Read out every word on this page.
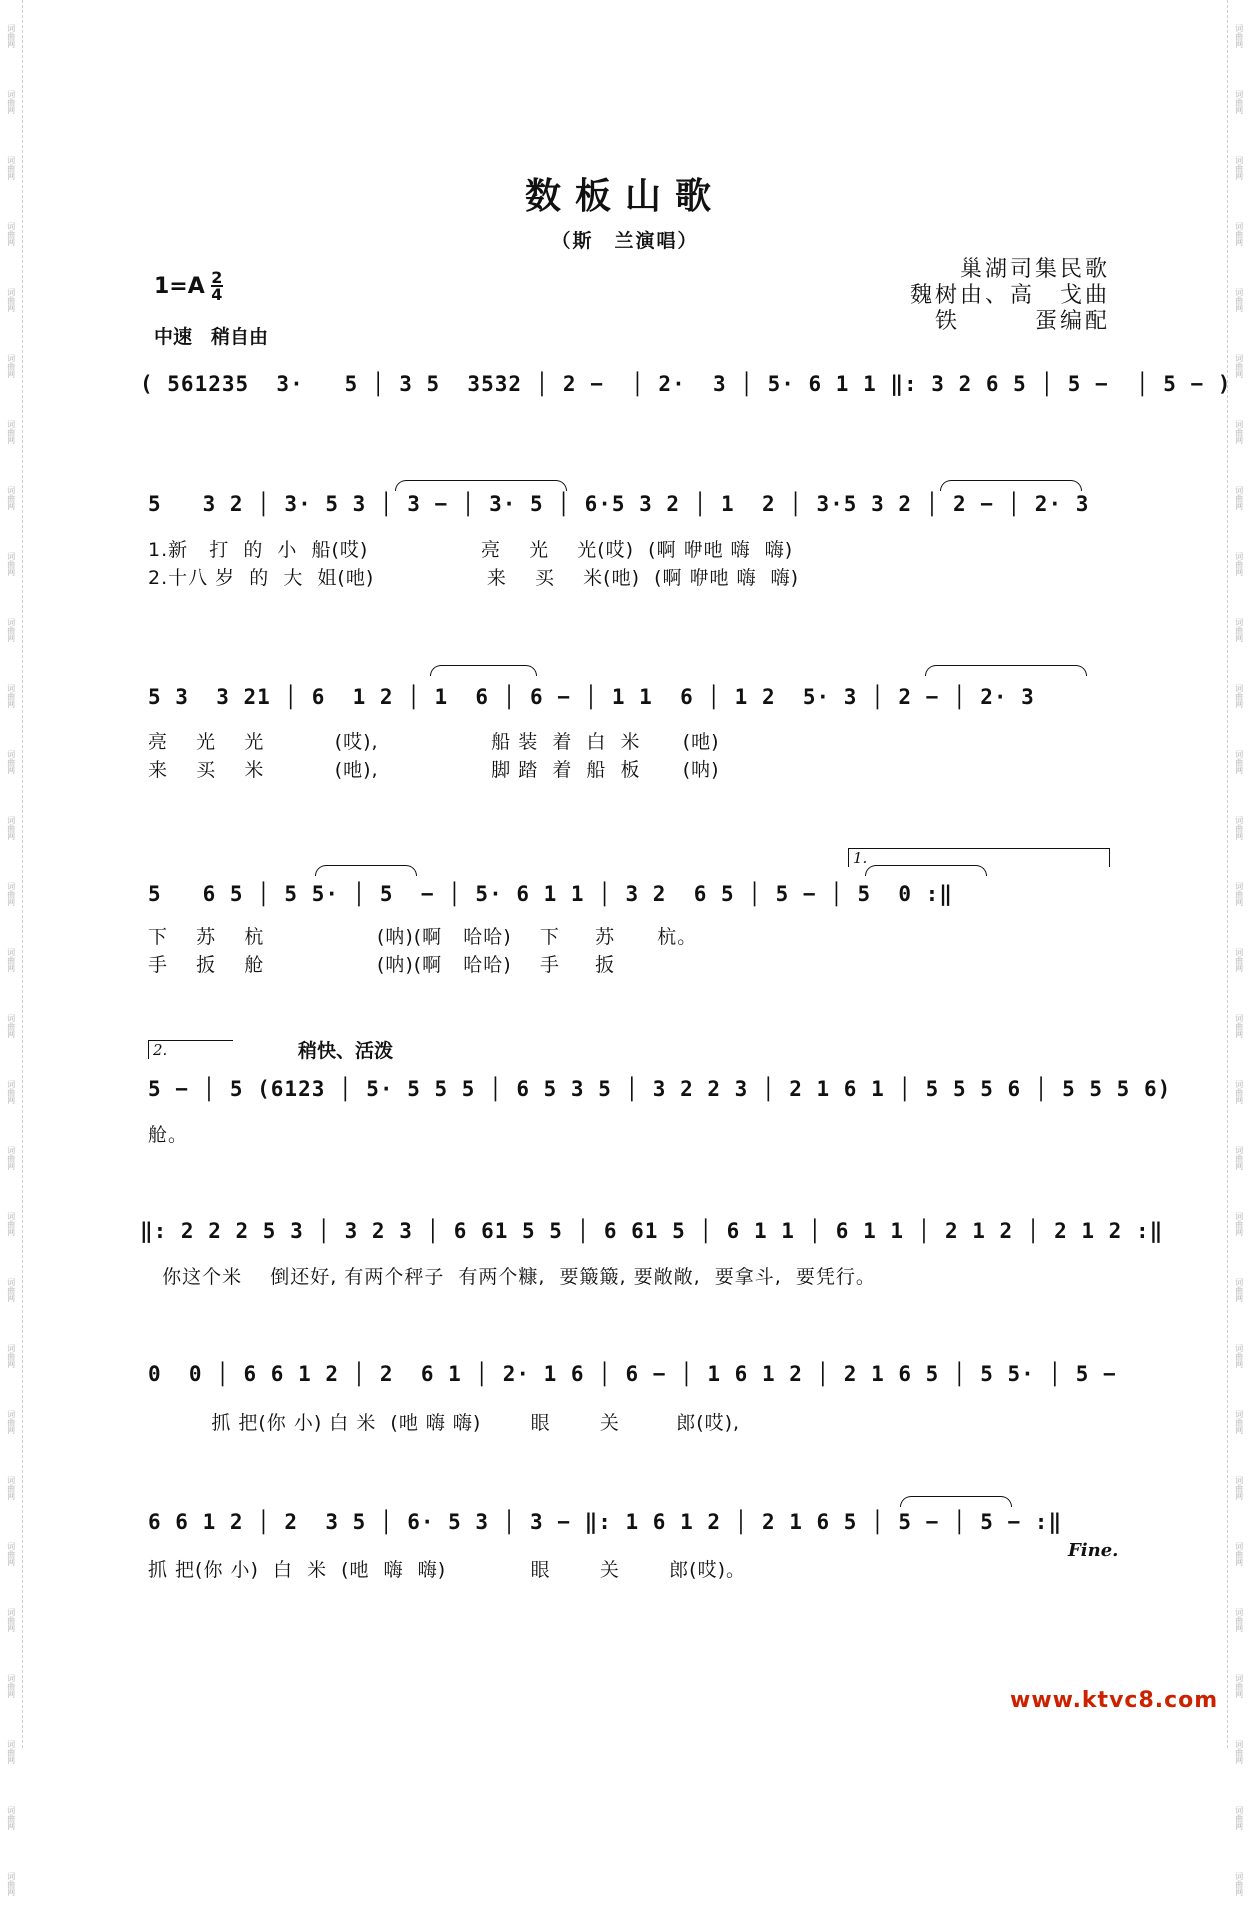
词曲网
词曲网
词曲网
词曲网
词曲网
词曲网
词曲网
词曲网
词曲网
词曲网
词曲网
词曲网
词曲网
词曲网
词曲网
词曲网
词曲网
词曲网
词曲网
词曲网
词曲网
词曲网
词曲网
词曲网
词曲网
词曲网
词曲网
词曲网
词曲网
词曲网
词曲网
词曲网
词曲网
词曲网
词曲网
词曲网
词曲网
词曲网
词曲网
词曲网
词曲网
词曲网
词曲网
词曲网
词曲网
词曲网
词曲网
词曲网
词曲网
词曲网
词曲网
词曲网
词曲网
词曲网
词曲网
词曲网
词曲网
词曲网
数板山歌
（斯　兰演唱）
巢湖司集民歌
魏树由、高　戈曲
铁　　　蛋编配
$1=A \frac{2}{4}$
中速　稍自由
稍快、活泼
( 561235  3·   5 │ 3 5  3532 │ 2 −  │ 2·  3 │ 5· 6 1 1 ‖: 3 2 6 5 │ 5 −  │ 5 − )
5   3 2 │ 3· 5 3 │ 3 − │ 3· 5 │ 6·5 3 2 │ 1  2 │ 3·5 3 2 │ 2 − │ 2· 3
1.新   打  的  小  船(哎)                亮    光    光(哎)  (啊 咿吔 嗨  嗨)
2.十八 岁  的  大  姐(吔)                来    买    米(吔)  (啊 咿吔 嗨  嗨)
5 3  3 21 │ 6  1 2 │ 1  6 │ 6 − │ 1 1  6 │ 1 2  5· 3 │ 2 − │ 2· 3
亮    光    光          (哎),                船 装  着  白  米      (吔)
来    买    米          (吔),                脚 踏  着  船  板      (呐)
1.
5   6 5 │ 5 5· │ 5  − │ 5· 6 1 1 │ 3 2  6 5 │ 5 − │ 5  0 :‖
下    苏    杭                (呐)(啊   哈哈)    下     苏      杭。
手    扳    舱                (呐)(啊   哈哈)    手     扳
2.
5 − │ 5 (6123 │ 5· 5 5 5 │ 6 5 3 5 │ 3 2 2 3 │ 2 1 6 1 │ 5 5 5 6 │ 5 5 5 6)
舱。
‖: 2 2 2 5 3 │ 3 2 3 │ 6 61 5 5 │ 6 61 5 │ 6 1 1 │ 6 1 1 │ 2 1 2 │ 2 1 2 :‖
你这个米    倒还好, 有两个秤子  有两个糠,  要簸簸, 要敞敞,  要拿斗,  要凭行。
0  0 │ 6 6 1 2 │ 2  6 1 │ 2· 1 6 │ 6 − │ 1 6 1 2 │ 2 1 6 5 │ 5 5· │ 5 −
抓 把(你 小) 白 米  (吔 嗨 嗨)       眼       关        郎(哎),
6 6 1 2 │ 2  3 5 │ 6· 5 3 │ 3 − ‖: 1 6 1 2 │ 2 1 6 5 │ 5 − │ 5 − :‖
抓 把(你 小)  白  米  (吔  嗨  嗨)            眼       关       郎(哎)。
Fine.
www.ktvc8.com
